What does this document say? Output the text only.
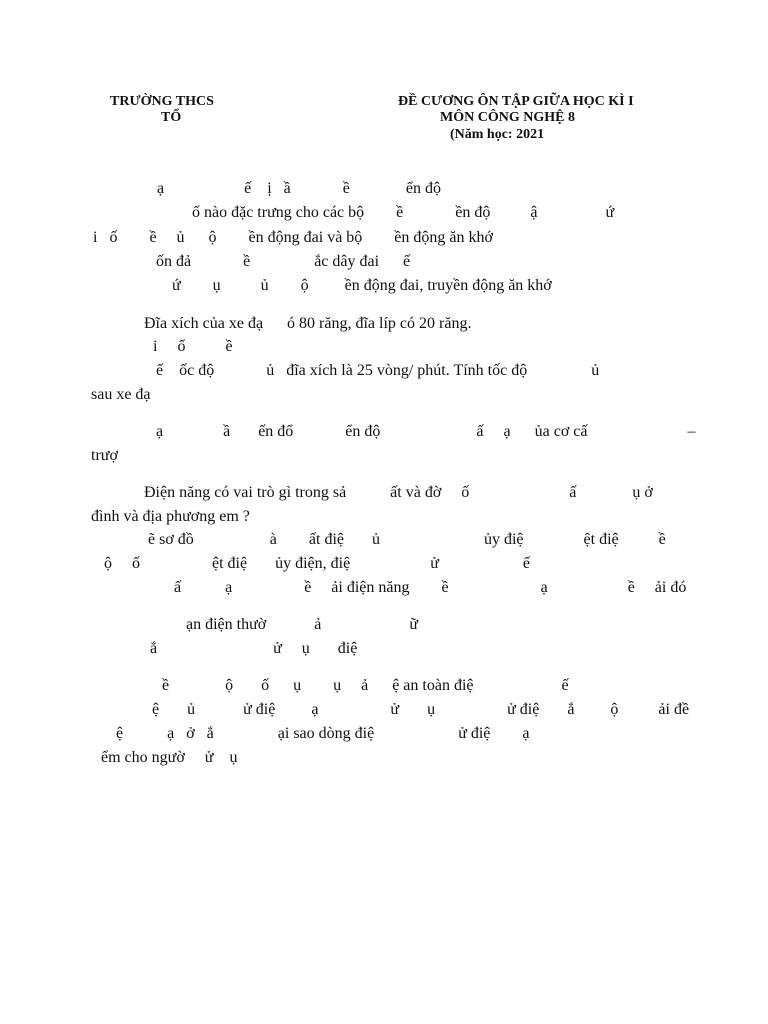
TRƯỜNG THCS
TỔ
ĐỀ CƯƠNG ÔN TẬP GIỮA HỌC KÌ I
MÔN CÔNG NGHỆ 8
(Năm học: 2021
ạ                    ế    ị   ầ             ề              ển độ
ố nào đặc trưng cho các bộ        ề             ền độ          ậ                 ứ
i   ố        ề     ủ      ộ        ền động đai và bộ        ền động ăn khớ
ốn đả             ề                ắc dây đai      ế
ứ        ụ          ủ        ộ         ền động đai, truyền động ăn khớ
Đĩa xích của xe đạ      ó 80 răng, đĩa líp có 20 răng.
i     ố          ề
ế    ốc độ             ủ   đĩa xích là 25 vòng/ phút. Tính tốc độ                ủ
sau xe đạ
ạ               ầ       ến đổ             ển độ                        ấ     ạ      ủa cơ cấ                         –
trượ
Điện năng có vai trò gì trong sả           ất và đờ     ố                         ấ              ụ ở
đình và địa phương em ?
ẽ sơ đồ                   à        ất điệ       ủ                          ủy điệ               ệt điệ          ề
ộ     ố                  ệt điệ       ủy điện, điệ                    ử                     ế
ấ           ạ                  ề     ải điện năng        ề                       ạ                    ề     ải đó
ạn điện thườ            ả                      ữ
ắ                             ử     ụ       điệ
ề              ộ       ố      ụ        ụ     ả      ệ an toàn điệ                      ế
ệ       ủ            ử điệ         ạ                  ử       ụ                  ử điệ       ắ         ộ          ải đề
ệ           ạ   ở   ắ                ại sao dòng điệ                     ử điệ        ạ
ểm cho ngườ     ử    ụ
